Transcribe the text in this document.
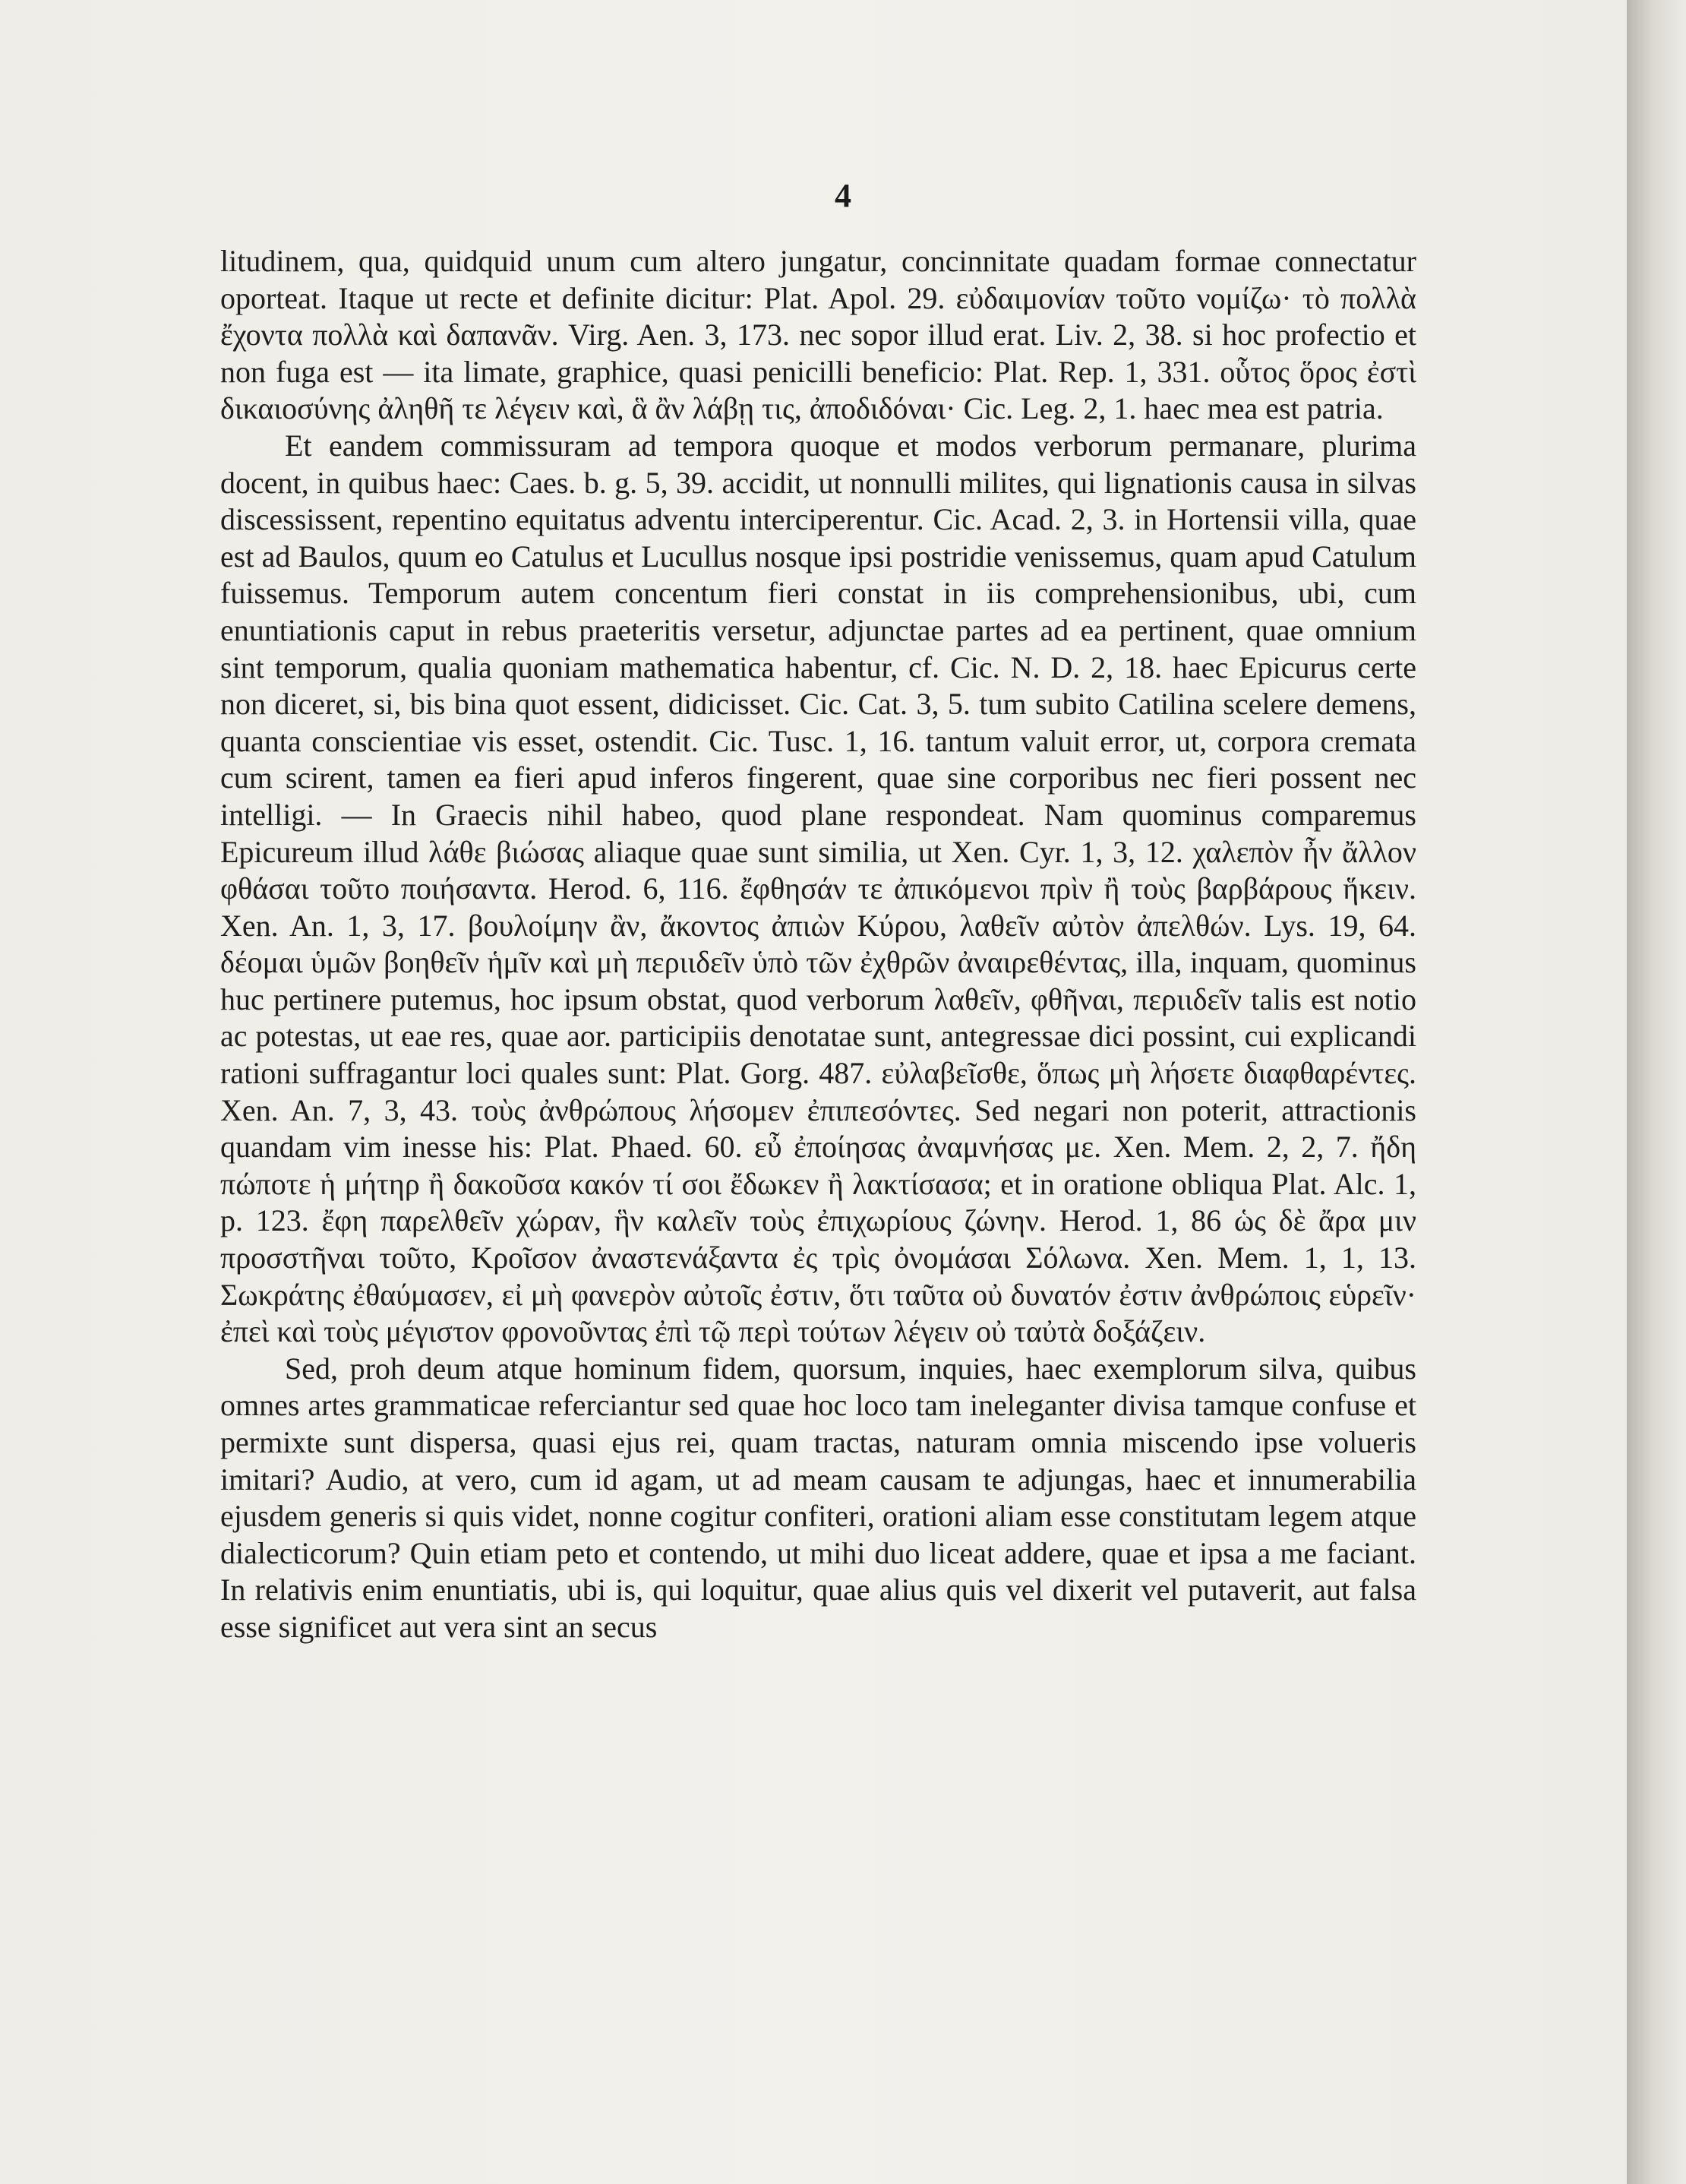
4

litudinem, qua, quidquid unum cum altero jungatur, concinnitate quadam formae connectatur oporteat. Itaque ut recte et definite dicitur: Plat. Apol. 29. εὐδαιμονίαν τοῦτο νομίζω· τὸ πολλὰ ἔχοντα πολλὰ καὶ δαπανᾶν. Virg. Aen. 3, 173. nec sopor illud erat. Liv. 2, 38. si hoc profectio et non fuga est — ita limate, graphice, quasi penicilli beneficio: Plat. Rep. 1, 331. οὗτος ὅρος ἐστὶ δικαιοσύνης ἀληθῆ τε λέγειν καὶ, ἃ ἂν λάβῃ τις, ἀποδιδόναι· Cic. Leg. 2, 1. haec mea est patria.

Et eandem commissuram ad tempora quoque et modos verborum permanare, plurima docent, in quibus haec: Caes. b. g. 5, 39. accidit, ut nonnulli milites, qui lignationis causa in silvas discessissent, repentino equitatus adventu interciperentur. Cic. Acad. 2, 3. in Hortensii villa, quae est ad Baulos, quum eo Catulus et Lucullus nosque ipsi postridie venissemus, quam apud Catulum fuissemus. Temporum autem concentum fieri constat in iis comprehensionibus, ubi, cum enuntiationis caput in rebus praeteritis versetur, adjunctae partes ad ea pertinent, quae omnium sint temporum, qualia quoniam mathematica habentur, cf. Cic. N. D. 2, 18. haec Epicurus certe non diceret, si, bis bina quot essent, didicisset. Cic. Cat. 3, 5. tum subito Catilina scelere demens, quanta conscientiae vis esset, ostendit. Cic. Tusc. 1, 16. tantum valuit error, ut, corpora cremata cum scirent, tamen ea fieri apud inferos fingerent, quae sine corporibus nec fieri possent nec intelligi. — In Graecis nihil habeo, quod plane respondeat. Nam quominus comparemus Epicureum illud λάθε βιώσας aliaque quae sunt similia, ut Xen. Cyr. 1, 3, 12. χαλεπὸν ἦν ἄλλον φθάσαι τοῦτο ποιήσαντα. Herod. 6, 116. ἔφθησάν τε ἀπικόμενοι πρὶν ἢ τοὺς βαρβάρους ἥκειν. Xen. An. 1, 3, 17. βουλοίμην ἂν, ἄκοντος ἀπιὼν Κύρου, λαθεῖν αὐτὸν ἀπελθών. Lys. 19, 64. δέομαι ὑμῶν βοηθεῖν ἡμῖν καὶ μὴ περιιδεῖν ὑπὸ τῶν ἐχθρῶν ἀναιρεθέντας, illa, inquam, quominus huc pertinere putemus, hoc ipsum obstat, quod verborum λαθεῖν, φθῆναι, περιιδεῖν talis est notio ac potestas, ut eae res, quae aor. participiis denotatae sunt, antegressae dici possint, cui explicandi rationi suffragantur loci quales sunt: Plat. Gorg. 487. εὐλαβεῖσθε, ὅπως μὴ λήσετε διαφθαρέντες. Xen. An. 7, 3, 43. τοὺς ἀνθρώπους λήσομεν ἐπιπεσόντες. Sed negari non poterit, attractionis quandam vim inesse his: Plat. Phaed. 60. εὖ ἐποίησας ἀναμνήσας με. Xen. Mem. 2, 2, 7. ἤδη πώποτε ἡ μήτηρ ἢ δακοῦσα κακόν τί σοι ἔδωκεν ἢ λακτίσασα; et in oratione obliqua Plat. Alc. 1, p. 123. ἔφη παρελθεῖν χώραν, ἣν καλεῖν τοὺς ἐπιχωρίους ζώνην. Herod. 1, 86 ὡς δὲ ἄρα μιν προσστῆναι τοῦτο, Κροῖσον ἀναστενάξαντα ἐς τρὶς ὀνομάσαι Σόλωνα. Xen. Mem. 1, 1, 13. Σωκράτης ἐθαύμασεν, εἰ μὴ φανερὸν αὐτοῖς ἐστιν, ὅτι ταῦτα οὐ δυνατόν ἐστιν ἀνθρώποις εὑρεῖν· ἐπεὶ καὶ τοὺς μέγιστον φρονοῦντας ἐπὶ τῷ περὶ τούτων λέγειν οὐ ταὐτὰ δοξάζειν.

Sed, proh deum atque hominum fidem, quorsum, inquies, haec exemplorum silva, quibus omnes artes grammaticae referciantur sed quae hoc loco tam ineleganter divisa tamque confuse et permixte sunt dispersa, quasi ejus rei, quam tractas, naturam omnia miscendo ipse volueris imitari? Audio, at vero, cum id agam, ut ad meam causam te adjungas, haec et innumerabilia ejusdem generis si quis videt, nonne cogitur confiteri, orationi aliam esse constitutam legem atque dialecticorum? Quin etiam peto et contendo, ut mihi duo liceat addere, quae et ipsa a me faciant. In relativis enim enuntiatis, ubi is, qui loquitur, quae alius quis vel dixerit vel putaverit, aut falsa esse significet aut vera sint an secus
